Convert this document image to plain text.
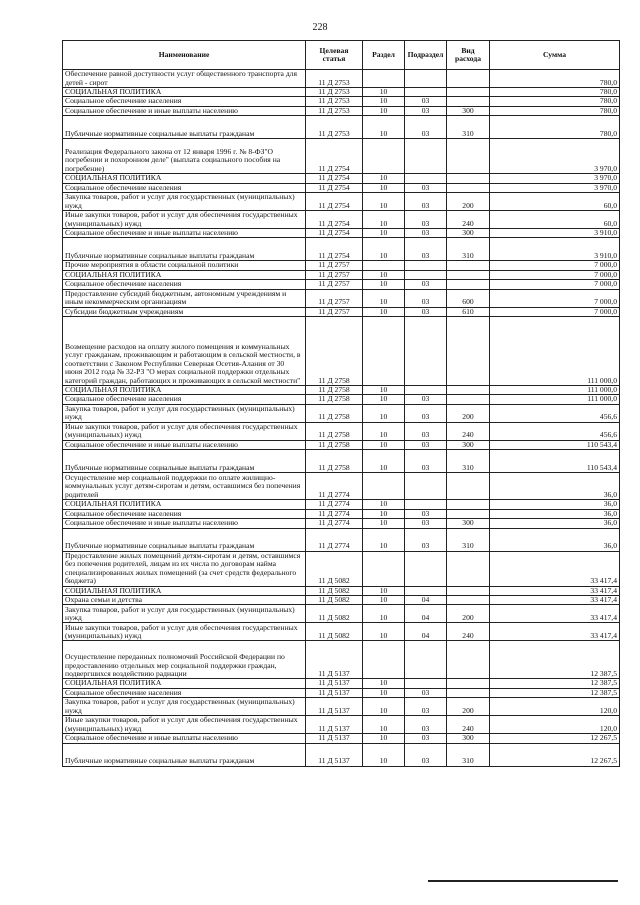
228
Наименование	Целевая статья	Раздел	Подраздел	Вид расхода	Сумма
Обеспечение равной доступности услуг общественного транспорта для детей - сирот	11 Д 2753				780,0
СОЦИАЛЬНАЯ ПОЛИТИКА	11 Д 2753	10			780,0
Социальное обеспечение населения	11 Д 2753	10	03		780,0
Социальное обеспечение и иные выплаты населению	11 Д 2753	10	03	300	780,0
Публичные нормативные социальные выплаты гражданам	11 Д 2753	10	03	310	780,0
Реализация Федерального закона от 12 января 1996 г. № 8-ФЗ"О погребении и похоронном деле" (выплата социального пособия на погребение)	11 Д 2754				3 970,0
СОЦИАЛЬНАЯ ПОЛИТИКА	11 Д 2754	10			3 970,0
Социальное обеспечение населения	11 Д 2754	10	03		3 970,0
Закупка товаров, работ и услуг для государственных (муниципальных) нужд	11 Д 2754	10	03	200	60,0
Иные закупки товаров, работ и услуг для обеспечения государственных (муниципальных) нужд	11 Д 2754	10	03	240	60,0
Социальное обеспечение и иные выплаты населению	11 Д 2754	10	03	300	3 910,0
Публичные нормативные социальные выплаты гражданам	11 Д 2754	10	03	310	3 910,0
Прочие мероприятия в области социальной политики	11 Д 2757				7 000,0
СОЦИАЛЬНАЯ ПОЛИТИКА	11 Д 2757	10			7 000,0
Социальное обеспечение населения	11 Д 2757	10	03		7 000,0
Предоставление субсидий бюджетным, автономным учреждениям и иным некоммерческим организациям	11 Д 2757	10	03	600	7 000,0
Субсидии бюджетным учреждениям	11 Д 2757	10	03	610	7 000,0
Возмещение расходов на оплату жилого помещения и коммунальных услуг гражданам, проживающим и работающим в сельской местности, в соответствии с Законом Республики Северная Осетия-Алания от 30 июня 2012 года № 32-РЗ "О мерах социальной поддержки отдельных категорий граждан, работающих и проживающих в сельской местности"	11 Д 2758				111 000,0
СОЦИАЛЬНАЯ ПОЛИТИКА	11 Д 2758	10			111 000,0
Социальное обеспечение населения	11 Д 2758	10	03		111 000,0
Закупка товаров, работ и услуг для государственных (муниципальных) нужд	11 Д 2758	10	03	200	456,6
Иные закупки товаров, работ и услуг для обеспечения государственных (муниципальных) нужд	11 Д 2758	10	03	240	456,6
Социальное обеспечение и иные выплаты населению	11 Д 2758	10	03	300	110 543,4
Публичные нормативные социальные выплаты гражданам	11 Д 2758	10	03	310	110 543,4
Осуществление мер социальной поддержки по оплате жилищно-коммунальных услуг детям-сиротам и детям, оставшимся без попечения родителей	11 Д 2774				36,0
СОЦИАЛЬНАЯ ПОЛИТИКА	11 Д 2774	10			36,0
Социальное обеспечение населения	11 Д 2774	10	03		36,0
Социальное обеспечение и иные выплаты населению	11 Д 2774	10	03	300	36,0
Публичные нормативные социальные выплаты гражданам	11 Д 2774	10	03	310	36,0
Предоставление жилых помещений детям-сиротам и детям, оставшимся без попечения родителей, лицам из их числа по договорам найма специализированных жилых помещений (за счет средств федерального бюджета)	11 Д 5082				33 417,4
СОЦИАЛЬНАЯ ПОЛИТИКА	11 Д 5082	10			33 417,4
Охрана семьи и детства	11 Д 5082	10	04		33 417,4
Закупка товаров, работ и услуг для государственных (муниципальных) нужд	11 Д 5082	10	04	200	33 417,4
Иные закупки товаров, работ и услуг для обеспечения государственных (муниципальных) нужд	11 Д 5082	10	04	240	33 417,4
Осуществление переданных полномочий Российской Федерации по предоставлению отдельных мер социальной поддержки граждан, подвергшихся воздействию радиации	11 Д 5137				12 387,5
СОЦИАЛЬНАЯ ПОЛИТИКА	11 Д 5137	10			12 387,5
Социальное обеспечение населения	11 Д 5137	10	03		12 387,5
Закупка товаров, работ и услуг для государственных (муниципальных) нужд	11 Д 5137	10	03	200	120,0
Иные закупки товаров, работ и услуг для обеспечения государственных (муниципальных) нужд	11 Д 5137	10	03	240	120,0
Социальное обеспечение и иные выплаты населению	11 Д 5137	10	03	300	12 267,5
Публичные нормативные социальные выплаты гражданам	11 Д 5137	10	03	310	12 267,5
